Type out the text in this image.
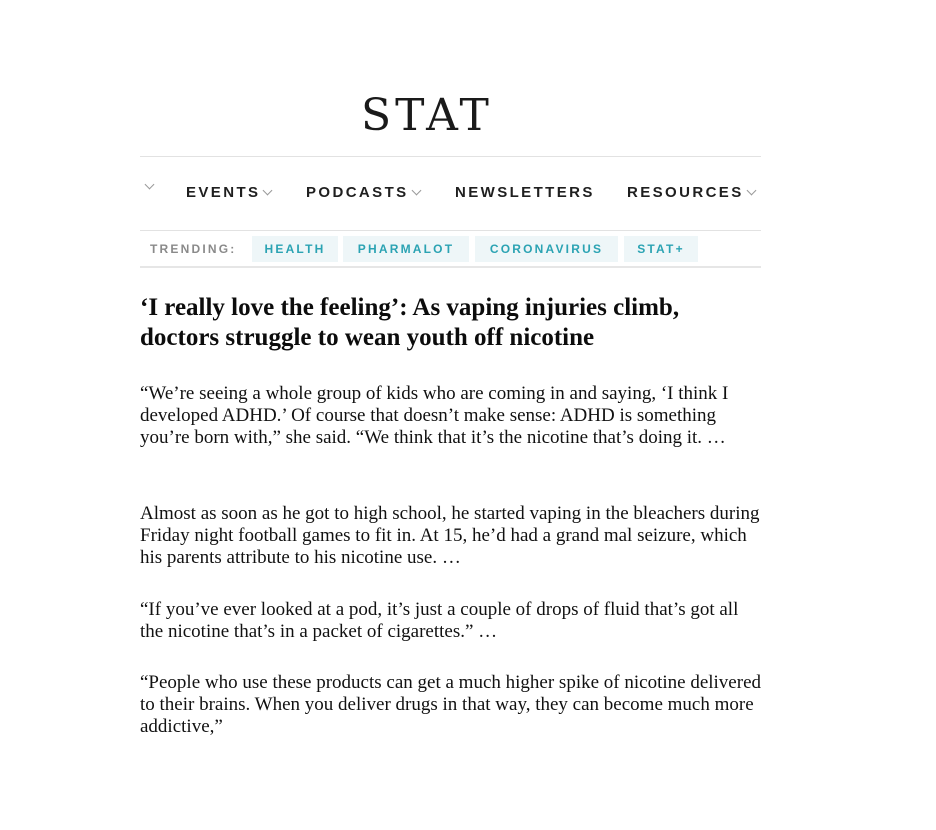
STAT
EVENTS	PODCASTS	NEWSLETTERS RESOURCES
TRENDING:	HEALTH	PHARMALOT	CORONAVIRUS	STAT+
‘I really love the feeling’: As vaping injuries climb, doctors struggle to wean youth off nicotine

“We’re seeing a whole group of kids who are coming in and saying, ‘I think I developed ADHD.’ Of course that doesn’t make sense: ADHD is something you’re born with,” she said. “We think that it’s the nicotine that’s doing it. …

Almost as soon as he got to high school, he started vaping in the bleachers during Friday night football games to fit in. At 15, he’d had a grand mal seizure, which his parents attribute to his nicotine use. …

“If you’ve ever looked at a pod, it’s just a couple of drops of fluid that’s got all the nicotine that’s in a packet of cigarettes.” …

“People who use these products can get a much higher spike of nicotine delivered to their brains. When you deliver drugs in that way, they can become much more addictive,”
